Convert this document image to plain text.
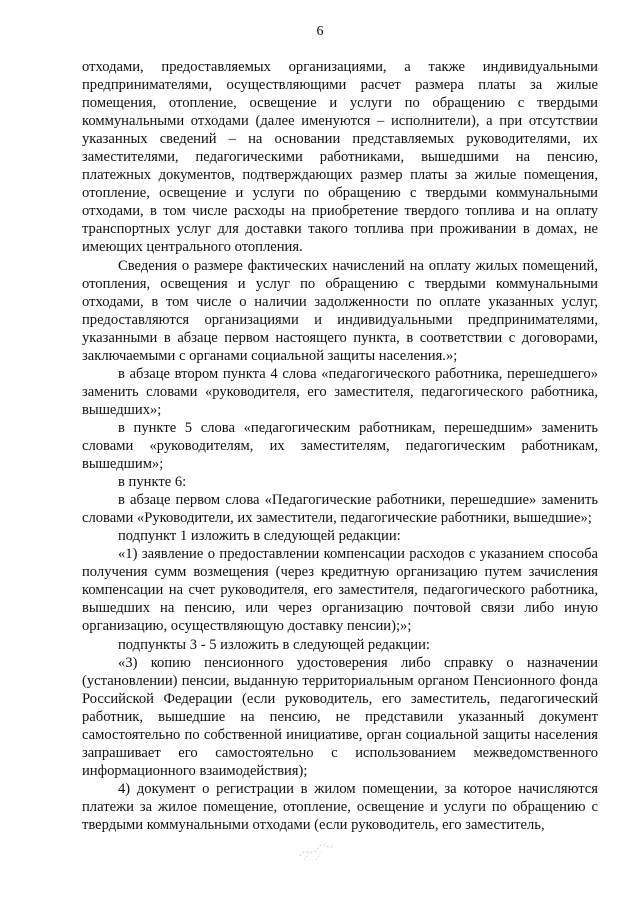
6

отходами, предоставляемых организациями, а также индивидуальными предпринимателями, осуществляющими расчет размера платы за жилые помещения, отопление, освещение и услуги по обращению с твердыми коммунальными отходами (далее именуются – исполнители), а при отсутствии указанных сведений – на основании представляемых руководителями, их заместителями, педагогическими работниками, вышедшими на пенсию, платежных документов, подтверждающих размер платы за жилые помещения, отопление, освещение и услуги по обращению с твердыми коммунальными отходами, в том числе расходы на приобретение твердого топлива и на оплату транспортных услуг для доставки такого топлива при проживании в домах, не имеющих центрального отопления.

Сведения о размере фактических начислений на оплату жилых помещений, отопления, освещения и услуг по обращению с твердыми коммунальными отходами, в том числе о наличии задолженности по оплате указанных услуг, предоставляются организациями и индивидуальными предпринимателями, указанными в абзаце первом настоящего пункта, в соответствии с договорами, заключаемыми с органами социальной защиты населения.»;

в абзаце втором пункта 4 слова «педагогического работника, перешедшего» заменить словами «руководителя, его заместителя, педагогического работника, вышедших»;

в пункте 5 слова «педагогическим работникам, перешедшим» заменить словами «руководителям, их заместителям, педагогическим работникам, вышедшим»;

в пункте 6:

в абзаце первом слова «Педагогические работники, перешедшие» заменить словами «Руководители, их заместители, педагогические работники, вышедшие»;

подпункт 1 изложить в следующей редакции:

«1) заявление о предоставлении компенсации расходов с указанием способа получения сумм возмещения (через кредитную организацию путем зачисления компенсации на счет руководителя, его заместителя, педагогического работника, вышедших на пенсию, или через организацию почтовой связи либо иную организацию, осуществляющую доставку пенсии);»;

подпункты 3 - 5 изложить в следующей редакции:

«3) копию пенсионного удостоверения либо справку о назначении (установлении) пенсии, выданную территориальным органом Пенсионного фонда Российской Федерации (если руководитель, его заместитель, педагогический работник, вышедшие на пенсию, не представили указанный документ самостоятельно по собственной инициативе, орган социальной защиты населения запрашивает его самостоятельно с использованием межведомственного информационного взаимодействия);

4) документ о регистрации в жилом помещении, за которое начисляются платежи за жилое помещение, отопление, освещение и услуги по обращению с твердыми коммунальными отходами (если руководитель, его заместитель,
